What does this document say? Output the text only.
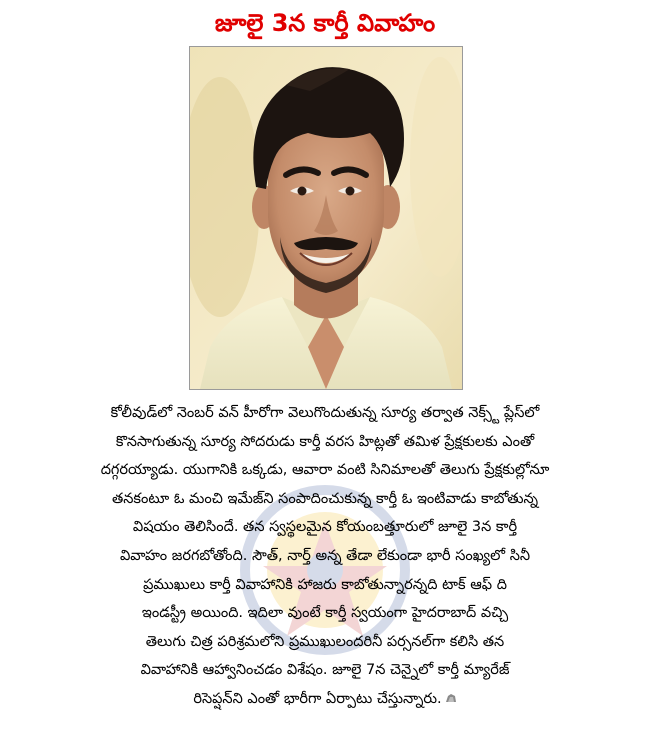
జూలై 3న కార్తీ వివాహం
కోలీవుడ్‌లో నెంబర్ వన్ హీరోగా వెలుగొందుతున్న సూర్య తర్వాత నెక్స్ట్ ప్లేస్‌లో
కొనసాగుతున్న సూర్య సోదరుడు కార్తీ వరస హిట్లతో తమిళ ప్రేక్షకులకు ఎంతో
దగ్గరయ్యాడు. యుగానికి ఒక్కడు, ఆవారా వంటి సినిమాలతో తెలుగు ప్రేక్షకుల్లోనూ
తనకంటూ ఓ మంచి ఇమేజ్‌ని సంపాదించుకున్న కార్తీ ఓ ఇంటివాడు కాబోతున్న
విషయం తెలిసిందే. తన స్వస్థలమైన కోయంబత్తూరులో జూలై 3న కార్తీ
వివాహం జరగబోతోంది. సౌత్, నార్త్ అన్న తేడా లేకుండా భారీ సంఖ్యలో సినీ
ప్రముఖులు కార్తీ వివాహానికి హాజరు కాబోతున్నారన్నది టాక్ ఆఫ్ ది
ఇండస్ట్రీ అయింది. ఇదిలా వుంటే కార్తీ స్వయంగా హైదరాబాద్ వచ్చి
తెలుగు చిత్ర పరిశ్రమలోని ప్రముఖులందరినీ పర్సనల్‌గా కలిసి తన
వివాహానికి ఆహ్వానించడం విశేషం. జూలై 7న చెన్నైలో కార్తీ మ్యారేజ్
రిసెప్షన్‌ని ఎంతో భారీగా ఏర్పాటు చేస్తున్నారు.
